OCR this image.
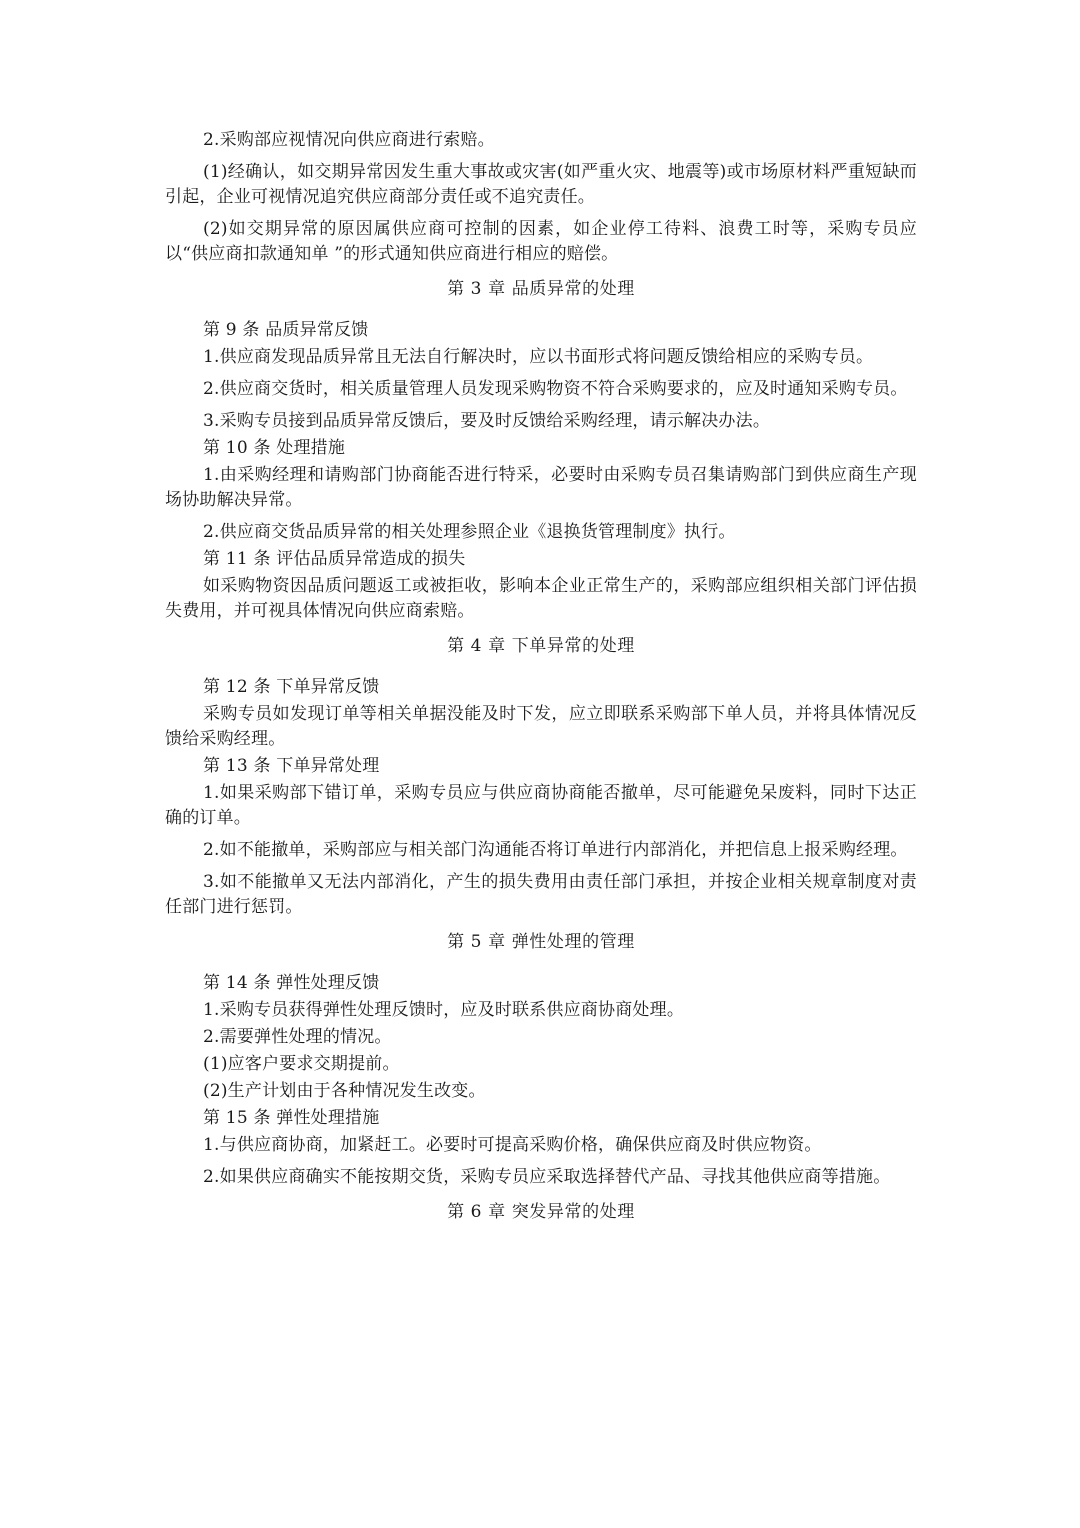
2.采购部应视情况向供应商进行索赔。

(1)经确认，如交期异常因发生重大事故或灾害(如严重火灾、地震等)或市场原材料严重短缺而引起，企业可视情况追究供应商部分责任或不追究责任。

(2)如交期异常的原因属供应商可控制的因素，如企业停工待料、浪费工时等，采购专员应以“供应商扣款通知单 ”的形式通知供应商进行相应的赔偿。

第 3 章 品质异常的处理
第 9 条 品质异常反馈

1.供应商发现品质异常且无法自行解决时，应以书面形式将问题反馈给相应的采购专员。

2.供应商交货时，相关质量管理人员发现采购物资不符合采购要求的，应及时通知采购专员。

3.采购专员接到品质异常反馈后，要及时反馈给采购经理，请示解决办法。

第 10 条 处理措施

1.由采购经理和请购部门协商能否进行特采，必要时由采购专员召集请购部门到供应商生产现场协助解决异常。

2.供应商交货品质异常的相关处理参照企业《退换货管理制度》执行。

第 11 条 评估品质异常造成的损失

如采购物资因品质问题返工或被拒收，影响本企业正常生产的，采购部应组织相关部门评估损失费用，并可视具体情况向供应商索赔。

第 4 章 下单异常的处理
第 12 条 下单异常反馈

采购专员如发现订单等相关单据没能及时下发，应立即联系采购部下单人员，并将具体情况反馈给采购经理。

第 13 条 下单异常处理

1.如果采购部下错订单，采购专员应与供应商协商能否撤单，尽可能避免呆废料，同时下达正确的订单。

2.如不能撤单，采购部应与相关部门沟通能否将订单进行内部消化，并把信息上报采购经理。

3.如不能撤单又无法内部消化，产生的损失费用由责任部门承担，并按企业相关规章制度对责任部门进行惩罚。

第 5 章 弹性处理的管理
第 14 条 弹性处理反馈

1.采购专员获得弹性处理反馈时，应及时联系供应商协商处理。

2.需要弹性处理的情况。

(1)应客户要求交期提前。

(2)生产计划由于各种情况发生改变。

第 15 条 弹性处理措施

1.与供应商协商，加紧赶工。必要时可提高采购价格，确保供应商及时供应物资。

2.如果供应商确实不能按期交货，采购专员应采取选择替代产品、寻找其他供应商等措施。

第 6 章 突发异常的处理
